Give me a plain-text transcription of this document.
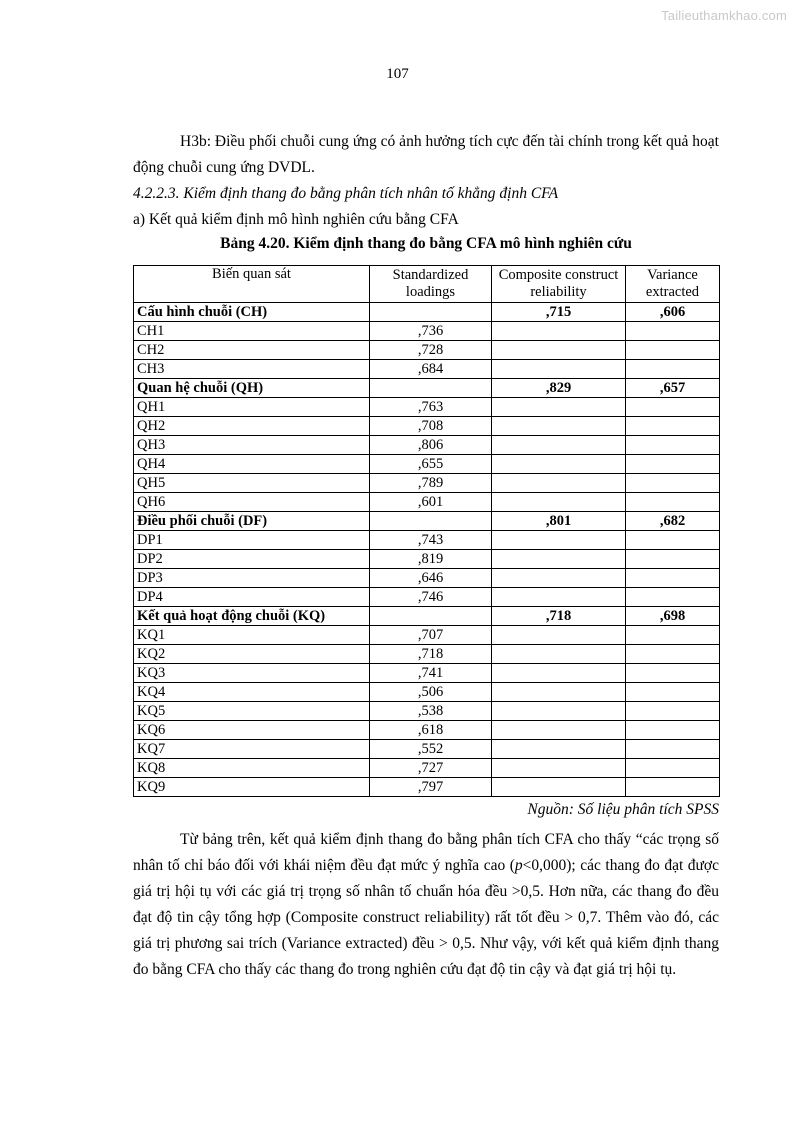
Tailieuthamkhao.com
107

H3b: Điều phối chuỗi cung ứng có ảnh hưởng tích cực đến tài chính trong kết quả hoạt động chuỗi cung ứng DVDL.

4.2.2.3. Kiểm định thang đo bằng phân tích nhân tố khẳng định CFA

a) Kết quả kiểm định mô hình nghiên cứu bằng CFA

Bảng 4.20. Kiểm định thang đo bằng CFA mô hình nghiên cứu
Biến quan sát	Standardized loadings	Composite construct reliability	Variance extracted
Cấu hình chuỗi (CH)		,715	,606
CH1	,736		
CH2	,728		
CH3	,684		
Quan hệ chuỗi (QH)		,829	,657
QH1	,763		
QH2	,708		
QH3	,806		
QH4	,655		
QH5	,789		
QH6	,601		
Điều phối chuỗi (DF)		,801	,682
DP1	,743		
DP2	,819		
DP3	,646		
DP4	,746		
Kết quả hoạt động chuỗi (KQ)		,718	,698
KQ1	,707		
KQ2	,718		
KQ3	,741		
KQ4	,506		
KQ5	,538		
KQ6	,618		
KQ7	,552		
KQ8	,727		
KQ9	,797		
Nguồn: Số liệu phân tích SPSS

Từ bảng trên, kết quả kiểm định thang đo bằng phân tích CFA cho thấy “các trọng số nhân tố chỉ báo đối với khái niệm đều đạt mức ý nghĩa cao (p<0,000); các thang đo đạt được giá trị hội tụ với các giá trị trọng số nhân tố chuẩn hóa đều >0,5. Hơn nữa, các thang đo đều đạt độ tin cậy tổng hợp (Composite construct reliability) rất tốt đều > 0,7. Thêm vào đó, các giá trị phương sai trích (Variance extracted) đều > 0,5. Như vậy, với kết quả kiểm định thang đo bằng CFA cho thấy các thang đo trong nghiên cứu đạt độ tin cậy và đạt giá trị hội tụ.
